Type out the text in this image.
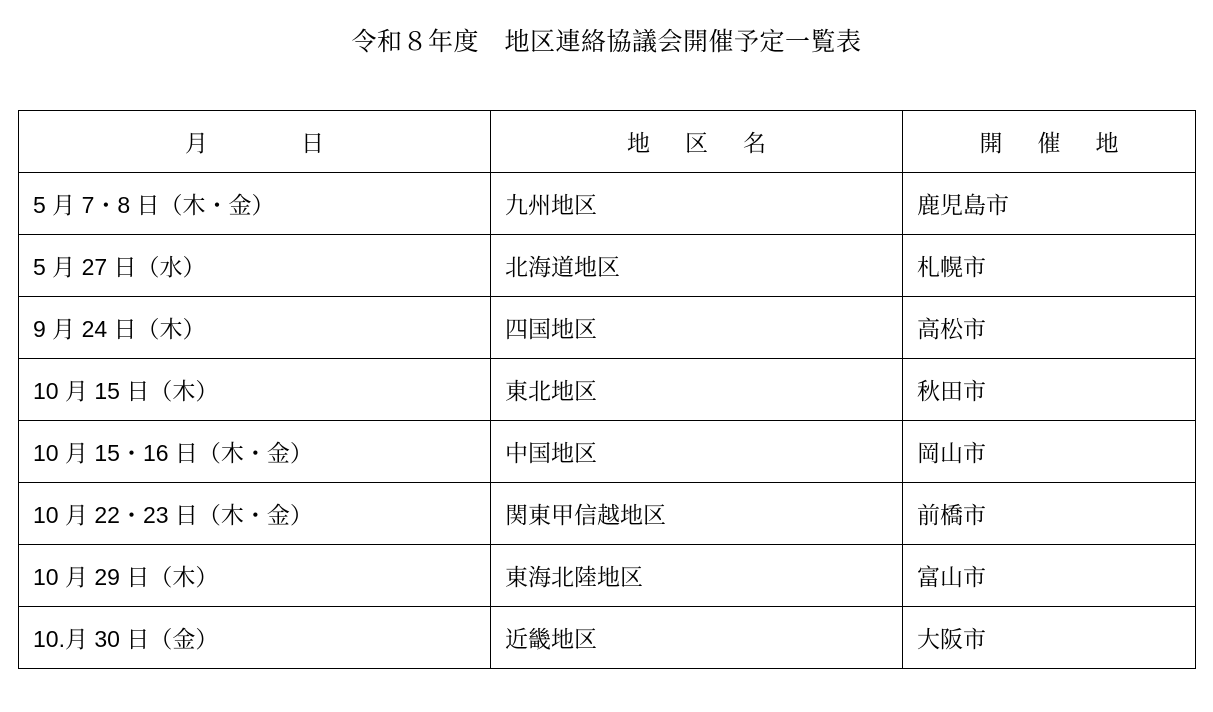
令和８年度　地区連絡協議会開催予定一覧表
月　　　日	地　区　名	開　催　地
5 月 7・8 日（木・金）	九州地区	鹿児島市
5 月 27 日（水）	北海道地区	札幌市
9 月 24 日（木）	四国地区	高松市
10 月 15 日（木）	東北地区	秋田市
10 月 15・16 日（木・金）	中国地区	岡山市
10 月 22・23 日（木・金）	関東甲信越地区	前橋市
10 月 29 日（木）	東海北陸地区	富山市
10.月 30 日（金）	近畿地区	大阪市
